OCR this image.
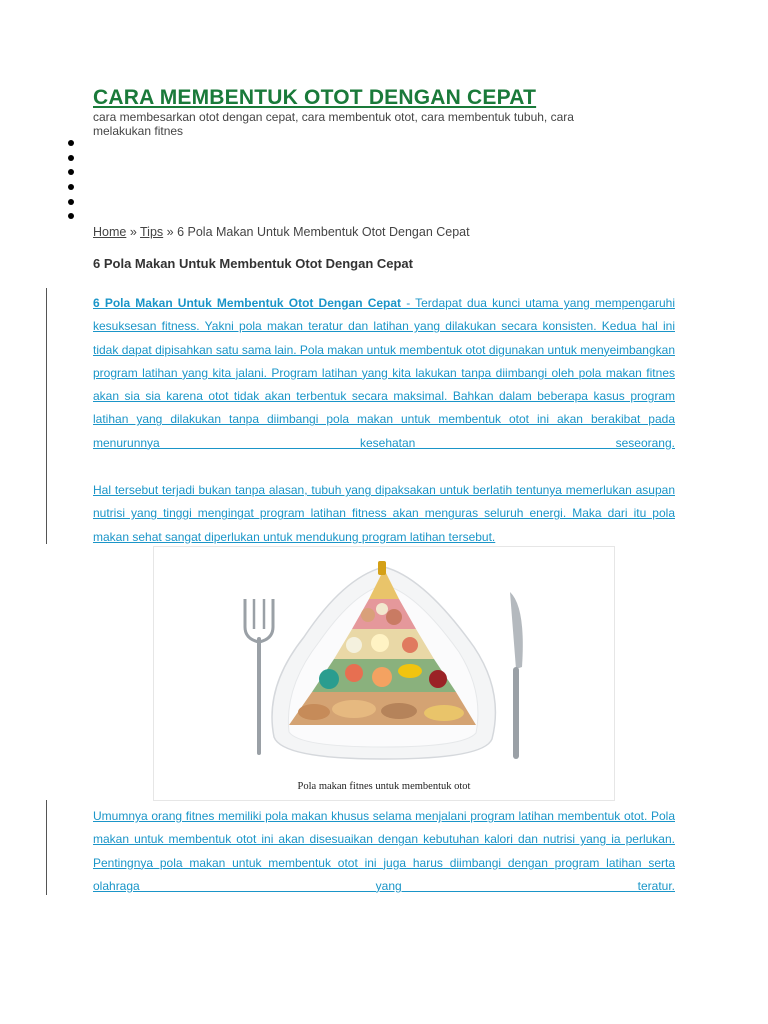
CARA MEMBENTUK OTOT DENGAN CEPAT
cara membesarkan otot dengan cepat, cara membentuk otot, cara membentuk tubuh, cara melakukan fitnes
Home » Tips » 6 Pola Makan Untuk Membentuk Otot Dengan Cepat
6 Pola Makan Untuk Membentuk Otot Dengan Cepat
6 Pola Makan Untuk Membentuk Otot Dengan Cepat - Terdapat dua kunci utama yang mempengaruhi kesuksesan fitness. Yakni pola makan teratur dan latihan yang dilakukan secara konsisten. Kedua hal ini tidak dapat dipisahkan satu sama lain. Pola makan untuk membentuk otot digunakan untuk menyeimbangkan program latihan yang kita jalani. Program latihan yang kita lakukan tanpa diimbangi oleh pola makan fitnes akan sia sia karena otot tidak akan terbentuk secara maksimal. Bahkan dalam beberapa kasus program latihan yang dilakukan tanpa diimbangi pola makan untuk membentuk otot ini akan berakibat pada menurunnya kesehatan seseorang.
Hal tersebut terjadi bukan tanpa alasan, tubuh yang dipaksakan untuk berlatih tentunya memerlukan asupan nutrisi yang tinggi mengingat program latihan fitness akan menguras seluruh energi. Maka dari itu pola makan sehat sangat diperlukan untuk mendukung program latihan tersebut.
Pola makan fitnes untuk membentuk otot
Umumnya orang fitnes memiliki pola makan khusus selama menjalani program latihan membentuk otot. Pola makan untuk membentuk otot ini akan disesuaikan dengan kebutuhan kalori dan nutrisi yang ia perlukan. Pentingnya pola makan untuk membentuk otot ini juga harus diimbangi dengan program latihan serta olahraga yang teratur.
